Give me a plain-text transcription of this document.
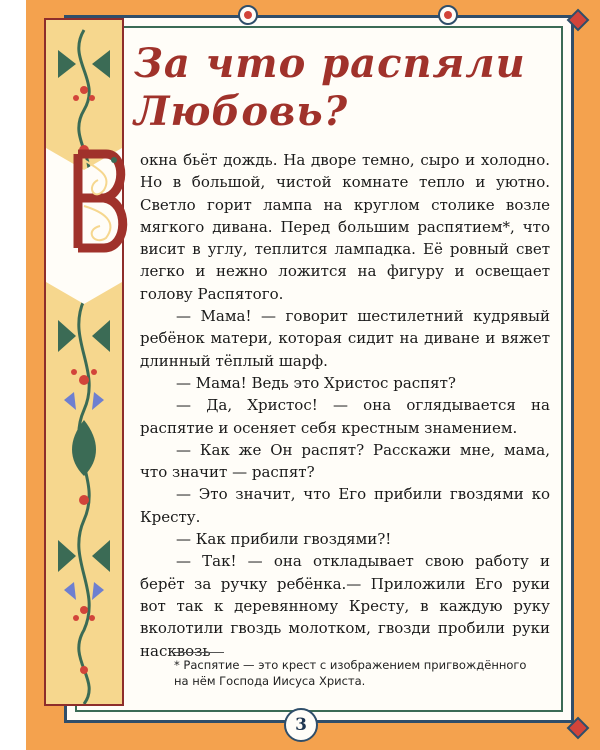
За что распяли
Любовь?

окна бьёт дождь. На дворе темно, сыро и холодно. Но в большой, чистой комнате тепло и уютно. Светло горит лампа на круглом столике возле мягкого дивана. Перед большим распятием*, что висит в углу, теплится лампадка. Её ровный свет легко и нежно ложится на фигуру и освещает голову Распятого.

— Мама! — говорит шестилетний кудрявый ребёнок матери, которая сидит на диване и вяжет длинный тёплый шарф.

— Мама! Ведь это Христос распят?

— Да, Христос! — она оглядывается на распятие и осеняет себя крестным знамением.

— Как же Он распят? Расскажи мне, мама, что значит — распят?

— Это значит, что Его прибили гвоздями ко Кресту.

— Как прибили гвоздями?!

— Так! — она откладывает свою работу и берёт за ручку ребёнка.— Приложили Его руки вот так к деревянному Кресту, в каждую руку вколотили гвоздь молотком, гвозди пробили руки насквозь

* Распятие — это крест с изображением пригвождённого на нём Господа Иисуса Христа.
3
